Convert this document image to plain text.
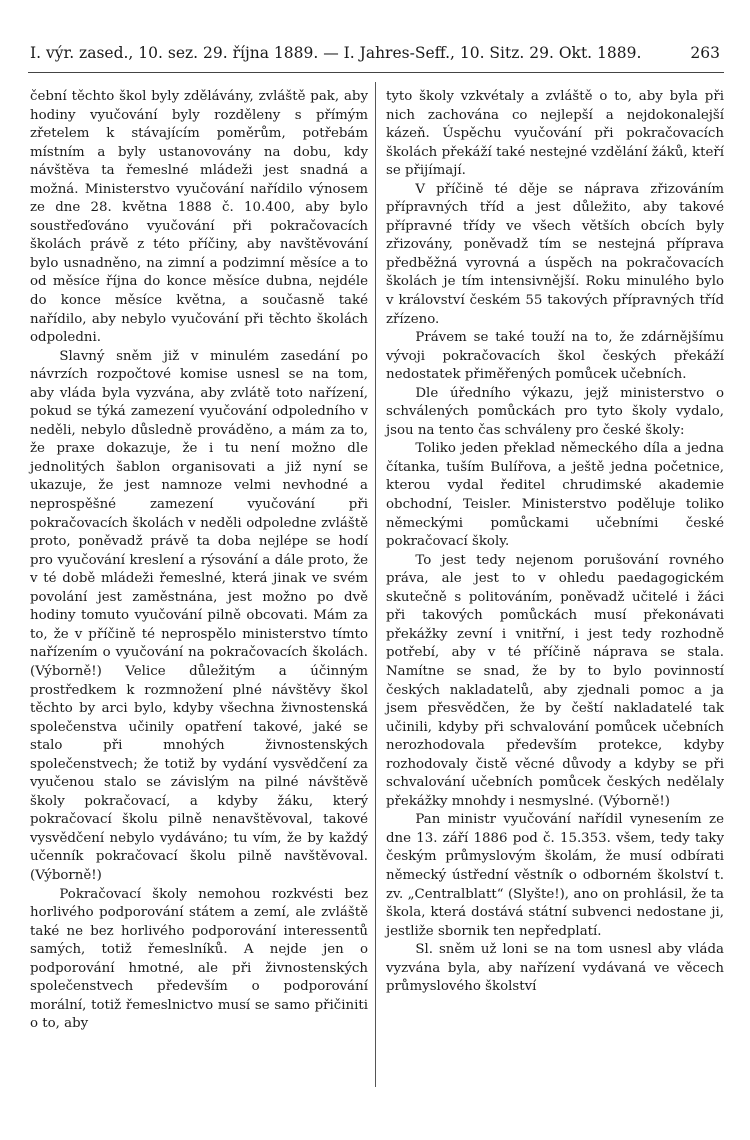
I. výr. zased., 10. sez. 29. října 1889. — I. Jahres-Seff., 10. Sitz. 29. Okt. 1889.	263

čební těchto škol byly zdělávány, zvláště pak, aby hodiny vyučování byly rozděleny s přímým zřetelem k stávajícím poměrům, potřebám místním a byly ustanovovány na dobu, kdy návštěva ta řemeslné mládeži jest snadná a možná. Ministerstvo vyučování nařídilo výnosem ze dne 28. května 1888 č. 10.400, aby bylo soustřeďováno vyučování při pokračovacích školách právě z této příčiny, aby navštěvování bylo usnadněno, na zimní a podzimní měsíce a to od měsíce října do konce měsíce dubna, nejdéle do konce měsíce května, a současně také nařídilo, aby nebylo vyučování při těchto školách odpoledni.

Slavný sněm již v minulém zasedání po návrzích rozpočtové komise usnesl se na tom, aby vláda byla vyzvána, aby zvlátě toto nařízení, pokud se týká zamezení vyučování odpoledního v neděli, nebylo důsledně prováděno, a mám za to, že praxe dokazuje, že i tu není možno dle jednolitých šablon organisovati a již nyní se ukazuje, že jest namnoze velmi nevhodné a neprospěšné zamezení vyučování při pokračovacích školách v neděli odpoledne zvláště proto, poněvadž právě ta doba nejlépe se hodí pro vyučování kreslení a rýsování a dále proto, že v té době mládeži řemeslné, která jinak ve svém povolání jest zaměstnána, jest možno po dvě hodiny tomuto vyučování pilně obcovati. Mám za to, že v příčině té neprospělo ministerstvo tímto nařízením o vyučování na pokračovacích školách. (Výborně!) Velice důležitým a účinným prostředkem k rozmnožení plné návštěvy škol těchto by arci bylo, kdyby všechna živnostenská společenstva učinily opatření takové, jaké se stalo při mnohých živnostenských společenstvech; že totiž by vydání vysvědčení za vyučenou stalo se závislým na pilné návštěvě školy pokračovací, a kdyby žáku, který pokračovací školu pilně nenavštěvoval, takové vysvědčení nebylo vydáváno; tu vím, že by každý učenník pokračovací školu pilně navštěvoval. (Výborně!)

Pokračovací školy nemohou rozkvésti bez horlivého podporování státem a zemí, ale zvláště také ne bez horlivého podporování interessentů samých, totiž řemeslníků. A nejde jen o podporování hmotné, ale při živnostenských společenstvech především o podporování morální, totiž řemeslnictvo musí se samo přičiniti o to, aby

tyto školy vzkvétaly a zvláště o to, aby byla při nich zachována co nejlepší a nejdokonalejší kázeň. Úspěchu vyučování při pokračovacích školách překáží také nestejné vzdělání žáků, kteří se přijímají.

V příčině té děje se náprava zřizováním přípravných tříd a jest důležito, aby takové přípravné třídy ve všech větších obcích byly zřizovány, poněvadž tím se nestejná příprava předběžná vyrovná a úspěch na pokračovacích školách je tím intensivnější. Roku minulého bylo v království českém 55 takových přípravných tříd zřízeno.

Právem se také touží na to, že zdárnějšímu vývoji pokračovacích škol českých překáží nedostatek přiměřených pomůcek učebních.

Dle úředního výkazu, jejž ministerstvo o schválených pomůckách pro tyto školy vydalo, jsou na tento čas schváleny pro české školy:

Toliko jeden překlad německého díla a jedna čítanka, tuším Bulířova, a ještě jedna početnice, kterou vydal ředitel chrudimské akademie obchodní, Teisler. Ministerstvo poděluje toliko německými pomůckami učebními české pokračovací školy.

To jest tedy nejenom porušování rovného práva, ale jest to v ohledu paedagogickém skutečně s politováním, poněvadž učitelé i žáci při takových pomůckách musí překonávati překážky zevní i vnitřní, i jest tedy rozhodně potřebí, aby v té příčině náprava se stala. Namítne se snad, že by to bylo povinností českých nakladatelů, aby zjednali pomoc a ja jsem přesvědčen, že by čeští nakladatelé tak učinili, kdyby při schvalování pomůcek učebních nerozhodovala především protekce, kdyby rozhodovaly čistě věcné důvody a kdyby se při schvalování učebních pomůcek českých nedělaly překážky mnohdy i nesmyslné. (Výborně!)

Pan ministr vyučování nařídil vynesením ze dne 13. září 1886 pod č. 15.353. všem, tedy taky českým průmyslovým školám, že musí odbírati německý ústřední věstník o odborném školství t. zv. „Centralblatt“ (Slyšte!), ano on prohlásil, že ta škola, která dostává státní subvenci nedostane ji, jestliže sbornik ten nepředplatí.

Sl. sněm už loni se na tom usnesl aby vláda vyzvána byla, aby nařízení vydávaná ve věcech průmyslového školství
